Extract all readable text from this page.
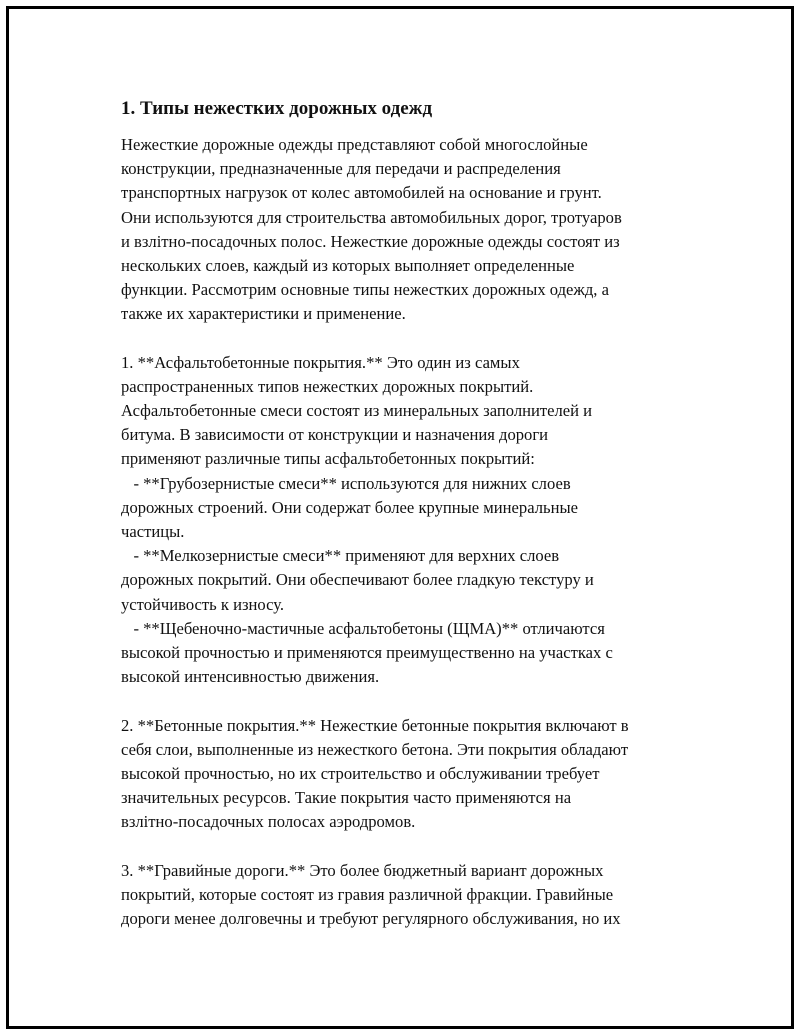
1. Типы нежестких дорожных одежд
Нежесткие дорожные одежды представляют собой многослойные
конструкции, предназначенные для передачи и распределения
транспортных нагрузок от колес автомобилей на основание и грунт.
Они используются для строительства автомобильных дорог, тротуаров
и взлітно-посадочных полос. Нежесткие дорожные одежды состоят из
нескольких слоев, каждый из которых выполняет определенные
функции. Рассмотрим основные типы нежестких дорожных одежд, а
также их характеристики и применение.
1. **Асфальтобетонные покрытия.** Это один из самых
распространенных типов нежестких дорожных покрытий.
Асфальтобетонные смеси состоят из минеральных заполнителей и
битума. В зависимости от конструкции и назначения дороги
применяют различные типы асфальтобетонных покрытий:
- **Грубозернистые смеси** используются для нижних слоев
дорожных строений. Они содержат более крупные минеральные
частицы.
- **Мелкозернистые смеси** применяют для верхних слоев
дорожных покрытий. Они обеспечивают более гладкую текстуру и
устойчивость к износу.
- **Щебеночно-мастичные асфальтобетоны (ЩМА)** отличаются
высокой прочностью и применяются преимущественно на участках с
высокой интенсивностью движения.
2. **Бетонные покрытия.** Нежесткие бетонные покрытия включают в
себя слои, выполненные из нежесткого бетона. Эти покрытия обладают
высокой прочностью, но их строительство и обслуживании требует
значительных ресурсов. Такие покрытия часто применяются на
взлітно-посадочных полосах аэродромов.
3. **Гравийные дороги.** Это более бюджетный вариант дорожных
покрытий, которые состоят из гравия различной фракции. Гравийные
дороги менее долговечны и требуют регулярного обслуживания, но их
